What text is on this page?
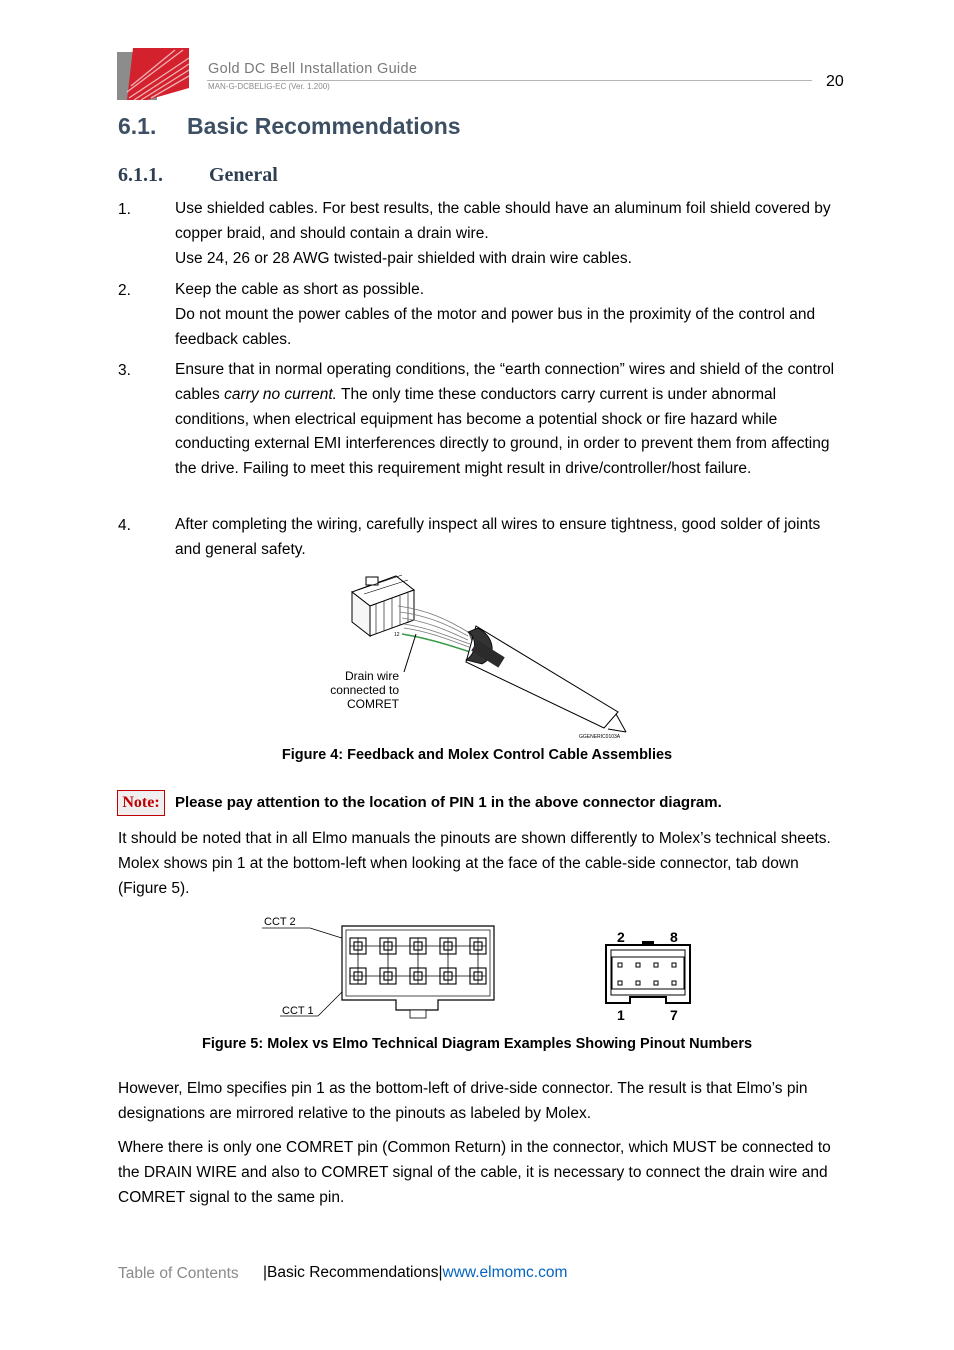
Gold DC Bell Installation Guide
MAN-G-DCBELIG-EC (Ver. 1.200)	20
6.1. Basic Recommendations
6.1.1. General
1.	Use shielded cables. For best results, the cable should have an aluminum foil shield covered by copper braid, and should contain a drain wire.

Use 24, 26 or 28 AWG twisted-pair shielded with drain wire cables.

2.	Keep the cable as short as possible.

Do not mount the power cables of the motor and power bus in the proximity of the control and feedback cables.

3.	Ensure that in normal operating conditions, the “earth connection” wires and shield of the control cables carry no current. The only time these conductors carry current is under abnormal conditions, when electrical equipment has become a potential shock or fire hazard while conducting external EMI interferences directly to ground, in order to prevent them from affecting the drive. Failing to meet this requirement might result in drive/controller/host failure.

4.	After completing the wiring, carefully inspect all wires to ensure tightness, good solder of joints and general safety.

12
Drain wire
connected to
COMRET
GGENERIC0103A
Figure 4: Feedback and Molex Control Cable Assemblies
Note:	Please pay attention to the location of PIN 1 in the above connector diagram.
It should be noted that in all Elmo manuals the pinouts are shown differently to Molex’s technical sheets. Molex shows pin 1 at the bottom-left when looking at the face of the cable-side connector, tab down (Figure 5).
CCT 2
CCT 1
2	8
1	7
Figure 5: Molex vs Elmo Technical Diagram Examples Showing Pinout Numbers
However, Elmo specifies pin 1 as the bottom-left of drive-side connector. The result is that Elmo’s pin designations are mirrored relative to the pinouts as labeled by Molex.
Where there is only one COMRET pin (Common Return) in the connector, which MUST be connected to the DRAIN WIRE and also to COMRET signal of the cable, it is necessary to connect the drain wire and COMRET signal to the same pin.
Table of Contents |Basic Recommendations|www.elmomc.com
